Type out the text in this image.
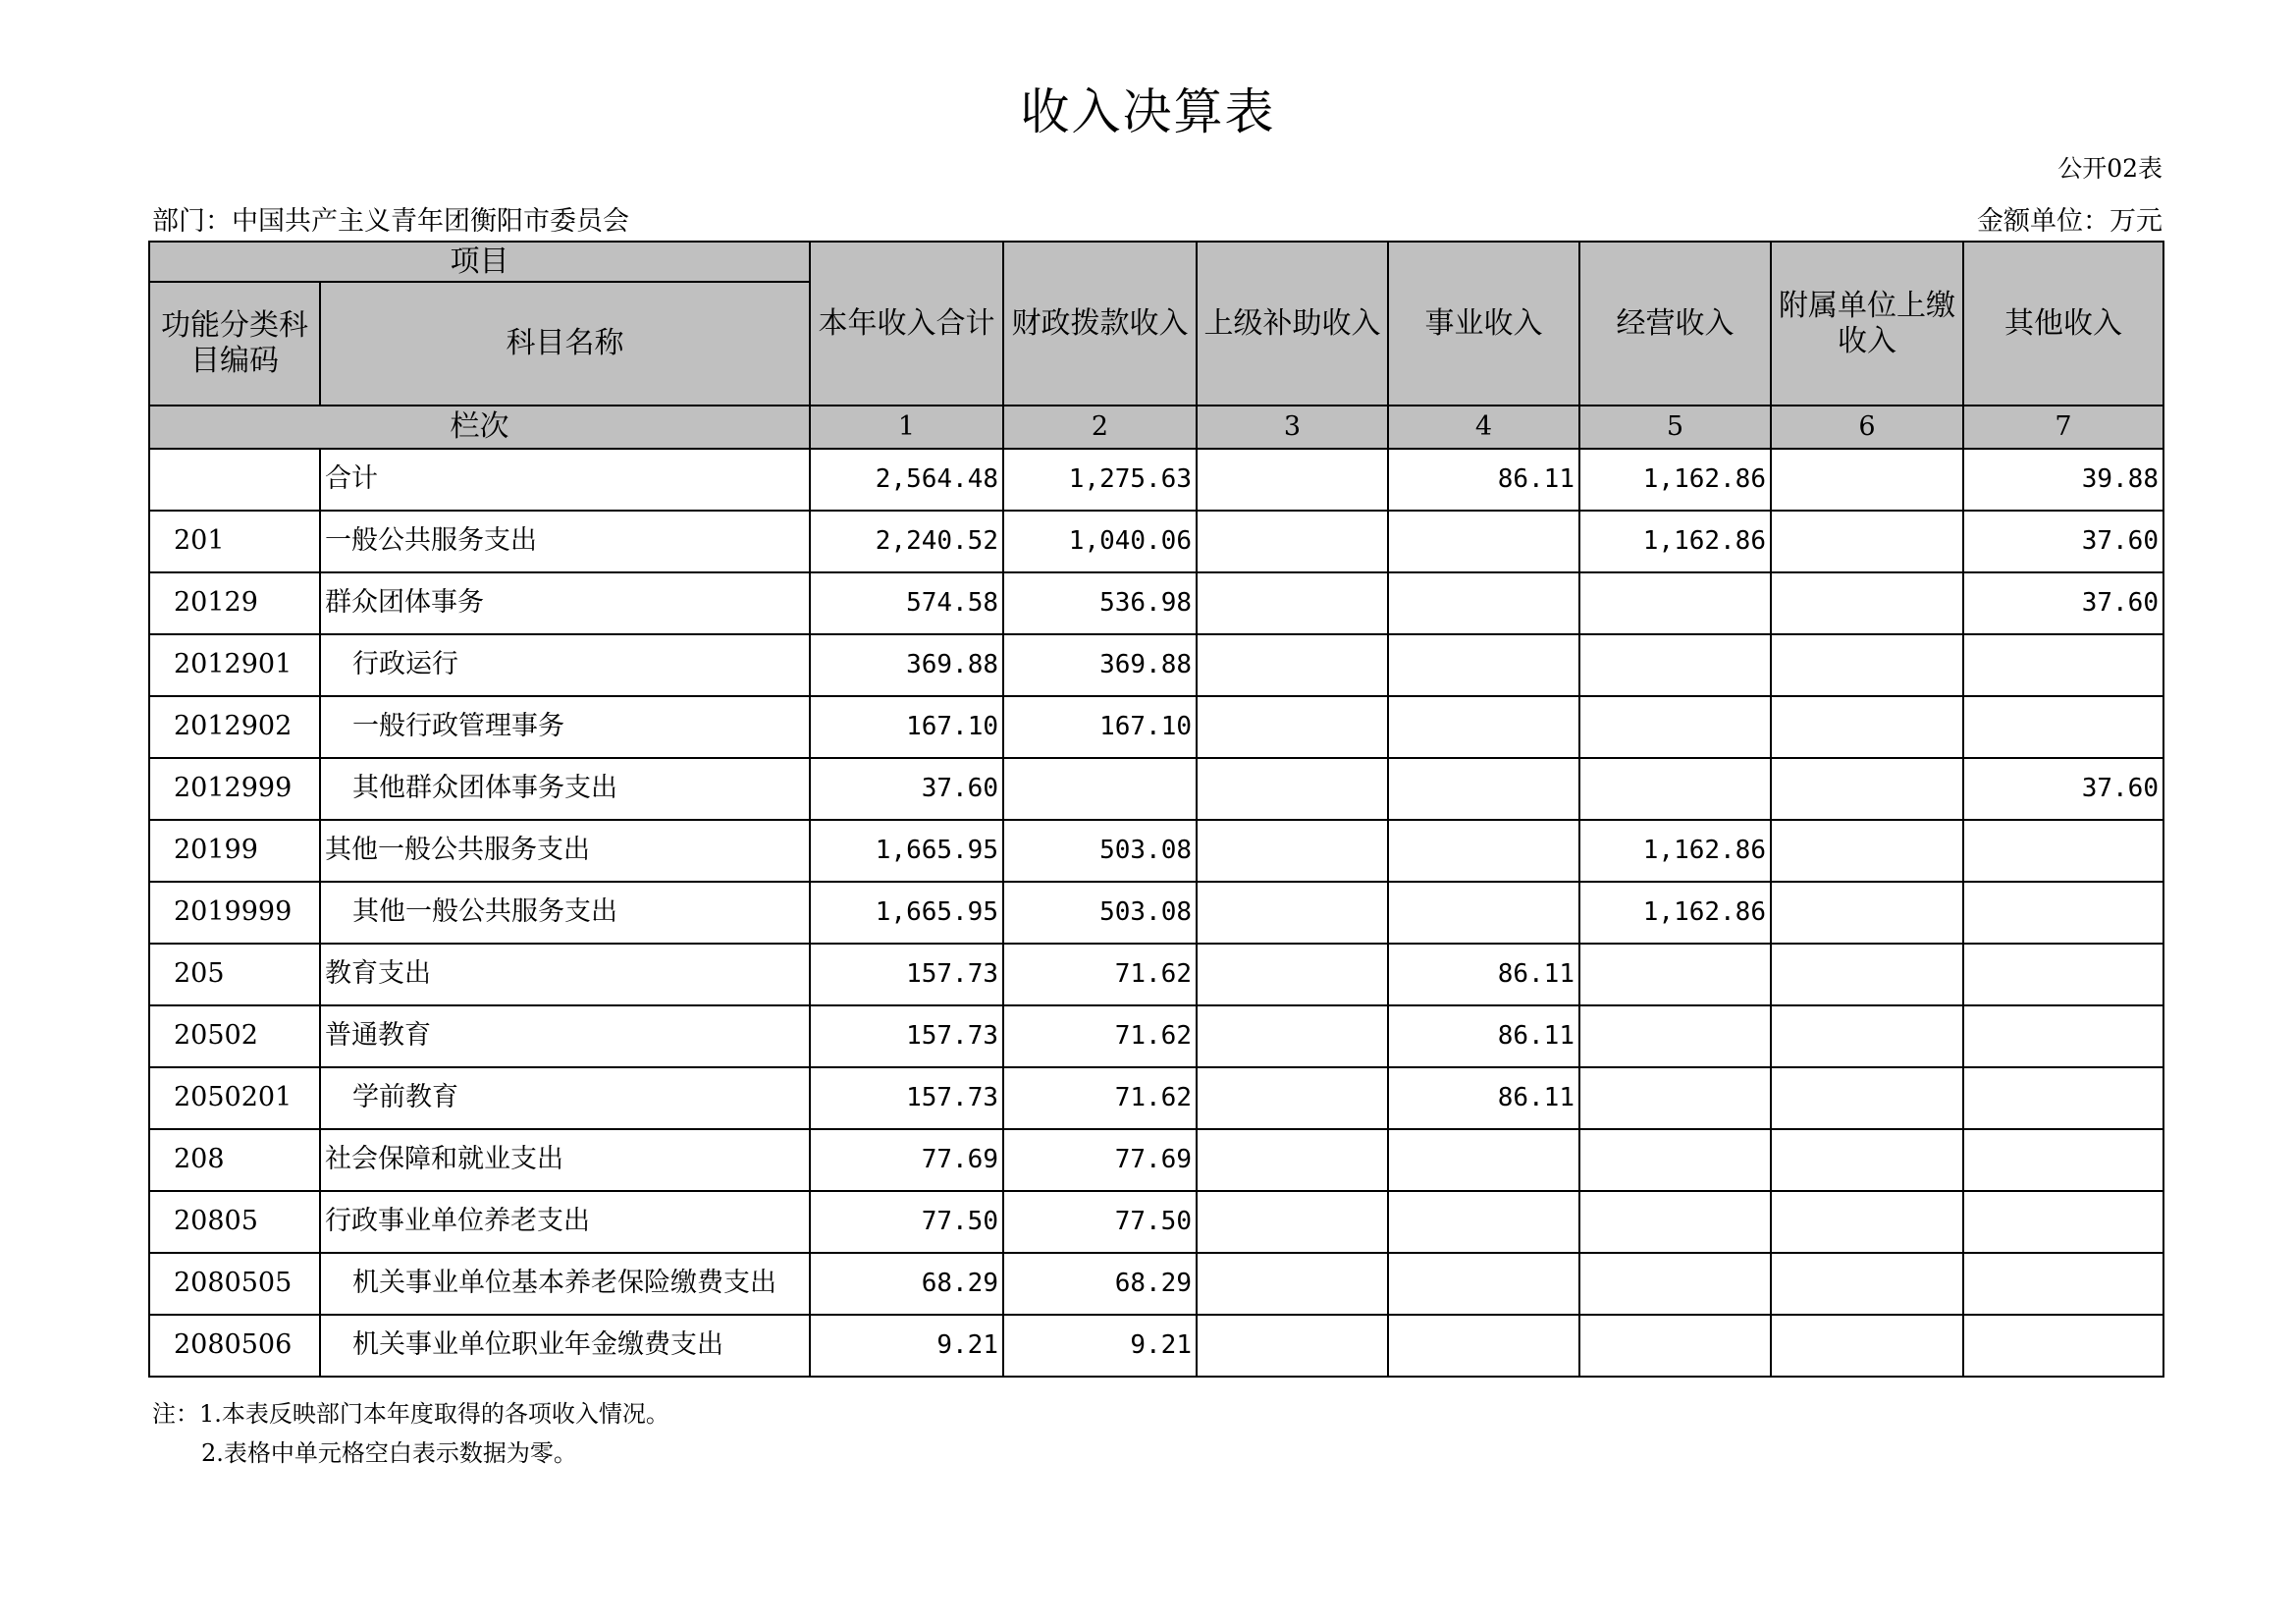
收入决算表
公开02表
部门：中国共产主义青年团衡阳市委员会	金额单位：万元
项目		本年收入合计	财政拨款收入	上级补助收入	事业收入	经营收入	附属单位上缴收入	其他收入
功能分类科目编码	科目名称							
栏次		1	2	3	4	5	6	7
	合计	2,564.48	1,275.63		86.11	1,162.86		39.88
201	一般公共服务支出	2,240.52	1,040.06			1,162.86		37.60
20129	群众团体事务	574.58	536.98					37.60
2012901	行政运行	369.88	369.88					
2012902	一般行政管理事务	167.10	167.10					
2012999	其他群众团体事务支出	37.60						37.60
20199	其他一般公共服务支出	1,665.95	503.08			1,162.86		
2019999	其他一般公共服务支出	1,665.95	503.08			1,162.86		
205	教育支出	157.73	71.62		86.11			
20502	普通教育	157.73	71.62		86.11			
2050201	学前教育	157.73	71.62		86.11			
208	社会保障和就业支出	77.69	77.69					
20805	行政事业单位养老支出	77.50	77.50					
2080505	机关事业单位基本养老保险缴费支出	68.29	68.29					
2080506	机关事业单位职业年金缴费支出	9.21	9.21					
注：1.本表反映部门本年度取得的各项收入情况。
2.表格中单元格空白表示数据为零。
